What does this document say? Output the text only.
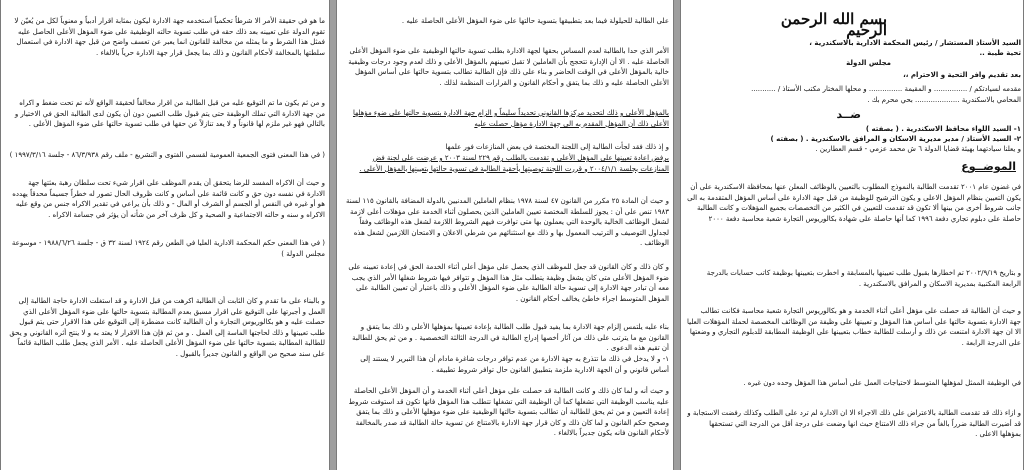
بسم الله الرحمن الرحيم
السيد الأستاذ المستشار / رئيس المحكمة الادارية بالاسكندرية ،
تحية طيبة ..
مجلس الدولة
بعد تقديم وافر التحية و الاحترام ،،
مقدمه لسيادتكم / ............... و المقيمة ............... و محلها المختار مكتب الأستاذ / ...........
المحامي بالاسكندرية .................... بحي محرم بك .
ضــد
١- السيد اللواء محافظ الاسكندرية . ( بصفته )
٢- السيد الأستاذ / مدير مديرية الاسكان و المرافق بالاسكندرية . ( بصفته )
و يعلنا سيادتهما بهيئة قضايا الدولة ٦ ش محمد عزمي - قسم العطارين .
الموضــوع
في غضون عام ٢٠٠١ تقدمت الطالبة بالنموذج المطلوب بالتعيين بالوظائف المعلن عنها بمحافظة الاسكندرية على أن يكون التعيين بنظام المؤهل الاعلى و يكون الترشيح للوظيفة من قبل جهة الادارة على أساس المؤهل المتقدمة به الى جانب شروط أخرى من بينها ألا تكون قد تقدمت للتعيين في الكثير من التخصصات بجميع المؤهلات و كانت الطالبة حاصلة على دبلوم تجاري دفعة ١٩٩٦ كما أنها حاصلة على شهادة بكالوريوس التجارة شعبة محاسبة دفعة ٢٠٠٠
و بتاريخ ٢٠٠٢/٩/١٩ تم اخطارها بقبول طلب تعيينها بالمسابقة و اخطرت بتعيينها بوظيفة كاتب حسابات بالدرجة الرابعة المكتبية بمديرية الاسكان و المرافق بالاسكندرية .
و حيث أن الطالبة قد حصلت على مؤهل أعلى أثناء الخدمة و هو بكالوريوس التجارة شعبة محاسبة فكانت تطالب جهة الادارة بتسوية حالتها على أساس هذا المؤهل و تعيينها على وظيفة من الوظائف المخصصة لحملة المؤهلات العليا الا ان جهة الادارة امتنعت عن ذلك و أرسلت للطالبة خطاب بتعيينها على الوظيفة المطابقة للدبلوم التجاري و وضعتها على الدرجة الرابعة .
في الوظيفة الممثل لمؤهلها المتوسط لاحتياجات العمل على أساس هذا المؤهل وحده دون غيره .
و ازاء ذلك قد تقدمت الطالبة بالاعتراض على ذلك الاجراء الا ان الادارة لم ترد على الطلب وكذلك رفضت الاستجابة و قد أضيرت الطالبة ضرراً بالغاً من جراء ذلك الامتناع حيث انها وضعت على درجة أقل من الدرجة التي تستحقها بمؤهلها الاعلى .
على الطالبة للحيلولة فيما بعد بتطبيقها بتسوية حالتها على ضوء المؤهل الأعلى الحاصلة عليه .
الأمر الذي حدا بالطالبة لعدم المساس بحقها لجهة الادارة بطلب تسوية حالتها الوظيفية على ضوء المؤهل الأعلى الحاصلة عليه . الا أن الإدارة تتحجج بأن العاملين لا تقبل تعيينهم بالمؤهل الأعلى و ذلك لعدم وجود درجات وظيفية خالية بالمؤهل الأعلى في الوقت الحاضر و بناء على ذلك فإن الطالبة تطالب بتسوية حالتها على أساس المؤهل الأعلى الحاصلة عليه و ذلك بما يتفق و أحكام القانون و القرارات المنظمة لذلك .
بالمؤهل الأعلى و ذلك لتحديد مركزها القانوني تحديداً سليماً و الزام جهة الادارة بتسوية حالتها على ضوء مؤهلها الأعلى ذلك أن المؤهل المقدم به الى جهة الادارة مؤهل حصلت عليه
و إذ ذلك فقد لجأت الطالبة إلى اللجنة المختصة في بعض المنازعات فور علمها
برفض اعادة تعيينها على المؤهل الأعلى و تقدمت بالطلب رقم ٢٢٩ لسنة ٢٠٠٣ و عرضت على لجنة فض المنازعات بجلسة ٢٠٠٤/١/١ و قررت اللجنة توصيتها بأحقية الطالبة فى تسوية حالتها بتعيينها بالمؤهل الأعلى .
و حيث أن المادة ٢٥ مكرر من القانون ٤٧ لسنة ١٩٧٨ بنظام العاملين المدنيين بالدولة المضافة بالقانون ١١٥ لسنة ١٩٨٣ تنص على أن : يجوز للسلطة المختصة تعيين العاملين الذين يحصلون أثناء الخدمة على مؤهلات أعلى لازمة لشغل الوظائف الخالية بالوحدة التي يعملون بها متى توافرت فيهم الشروط اللازمة لشغل هذه الوظائف وفقاً لجداول التوصيف و الترتيب المعمول بها و ذلك مع استثنائهم من شرطي الاعلان و الامتحان اللازمين لشغل هذه الوظائف .
و كان ذلك و كان القانون قد جعل للموظف الذي يحصل على مؤهل أعلى أثناء الخدمة الحق في إعادة تعيينه على ضوء المؤهل الأعلى متى كان يشغل وظيفة يتطلب مثل هذا المؤهل و تتوافر فيها شروط شغلها الأمر الذي يجب معه أن تبادر جهة الادارة إلى تسوية حالة الطالبة على ضوء المؤهل الأعلى و ذلك باعتبار أن تعيين الطالبة على المؤهل المتوسط اجراء خاطئ يخالف أحكام القانون .
بناء عليه يلتمس إلزام جهة الادارة بما يفيد قبول طلب الطالبة بإعادة تعيينها بمؤهلها الأعلى و ذلك بما يتفق و القانون مع ما يترتب على ذلك من آثار أخصها إدراج الطالبة في الدرجة الثالثة التخصصية . و من ثم يحق للطالبة أن تقيم هذه الدعوى .
١- و لا يدخل في ذلك ما تتذرع به جهة الادارة من عدم توافر درجات شاغرة مادام أن هذا التبرير لا يستند إلى أساس قانوني و أن الجهة الادارية ملزمة بتطبيق القانون حال توافر شروط تطبيقه .
و حيث أنه و لما كان ذلك و كانت الطالبة قد حصلت على مؤهل أعلى أثناء الخدمة و أن المؤهل الأعلى الحاصلة عليه يناسب الوظيفة التي تشغلها كما أن الوظيفة التي تشغلها تتطلب هذا المؤهل فانها تكون قد استوفت شروط إعادة التعيين و من ثم يحق للطالبة أن تطالب بتسوية حالتها الوظيفية على ضوء مؤهلها الأعلى و ذلك بما يتفق وصحيح حكم القانون و لما كان ذلك و كان قرار جهة الادارة بالامتناع عن تسوية حالة الطالبة قد صدر بالمخالفة لأحكام القانون فانه يكون جديراً بالالغاء .
ما هو في حقيقة الأمر الا شرطاً تحكمياً استخدمه جهة الادارة ليكون بمثابة اقرار أدبياً و معنوياً لكل من يُعيّن لا تقوم الدولة على تعيينه بعد ذلك حقه في طلب تسوية حالته الوظيفية على ضوء المؤهل الأعلى الحاصل عليه فمثل هذا الشرط و ما يمثله من مخالفة للقانون انما يعبر عن تعسف واضح من قبل جهة الادارة في استعمال سلطتها بالمخالفة لأحكام القانون و ذلك بما يجعل قرار جهة الادارة حرياً بالالغاء .
و من ثم يكون ما تم التوقيع عليه من قبل الطالبة من اقرار مخالفاً لحقيقة الواقع لأنه تم تحت ضغط و اكراه من جهة الادارة التي تملك الوظيفة حتى يتم قبول طلب التعيين دون أن يكون لدى الطالبة الحق في الاختيار و بالتالي فهو غير ملزم لها قانوناً و لا يعد تنازلاً عن حقها في طلب تسوية حالتها على ضوء المؤهل الأعلى .
( في هذا المعنى فتوى الجمعية العمومية لقسمي الفتوى و التشريع - ملف رقم ٨٦/٣/٩٣٨ - جلسة ١٩٩٧/٣/١٦ )
و حيث أن الاكراه المفسد للرضا يتحقق أن يقدم الموظف على اقرار شيء تحت سلطان رهبة بعثتها جهة الادارة في نفسه دون حق و كانت قائمة على أساس و كانت ظروف الحال تصور له خطراً جسيماً محدقاً يهدده هو أو غيره في النفس أو الجسم أو الشرف أو المال - و ذلك بأن يراعي في تقدير الاكراه جنس من وقع عليه الاكراه و سنه و حالته الاجتماعية و الصحية و كل ظرف آخر من شأنه أن يؤثر في جسامة الاكراه .
( في هذا المعنى حكم المحكمة الادارية العليا في الطعن رقم ١٩٢٤ لسنة ٣٢ ق - جلسة ١٩٨٨/٦/٢٦ - موسوعة مجلس الدولة )
و بالبناء على ما تقدم و كان الثابت أن الطالبة اكرهت من قبل الادارة و قد استغلت الادارة حاجة الطالبة إلى العمل و أجبرتها على التوقيع على اقرار مسبق بعدم المطالبة بتسوية حالتها على ضوء المؤهل الأعلى الذي حصلت عليه و هو بكالوريوس التجارة و أن الطالبة كانت مضطرة إلى التوقيع على هذا الاقرار حتى يتم قبول طلب تعيينها و ذلك لحاجتها الماسة إلى العمل . و من ثم فإن هذا الاقرار لا يعتد به و لا ينتج أثره القانوني و يحق للطالبة المطالبة بتسوية حالتها على ضوء المؤهل الأعلى الحاصلة عليه . الأمر الذي يجعل طلب الطالبة قائماً على سند صحيح من الواقع و القانون جديراً بالقبول .
